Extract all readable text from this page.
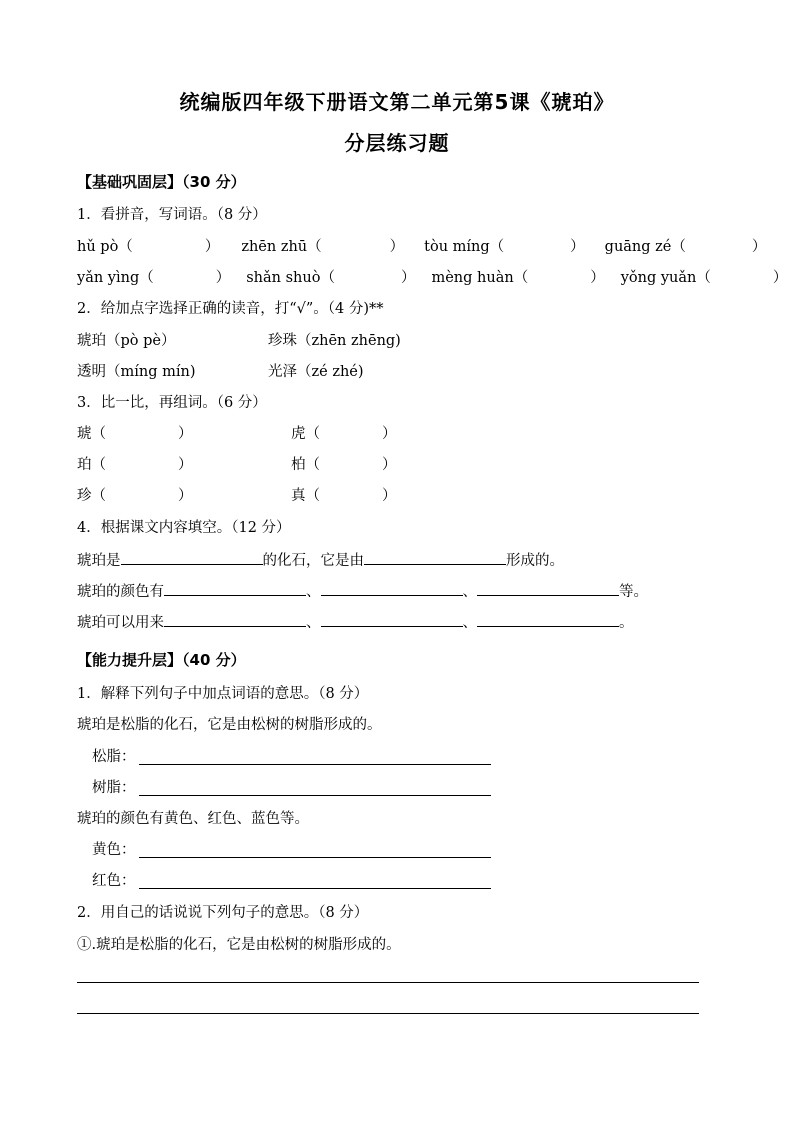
统编版四年级下册语文第二单元第5课《琥珀》
分层练习题
【基础巩固层】（30 分）
1．看拼音，写词语。（8 分）
hǔ pò（	） zhēn zhū（	） tòu míng（	） guāng zé（	）
yǎn yìng（	） shǎn shuò（	） mèng huàn（	） yǒng yuǎn（	）
2．给加点字选择正确的读音，打“√”。（4 分)**
琥珀（pò pè）	珍珠（zhēn zhēng)
透明（míng mín)	光泽（zé zhé)
3．比一比，再组词。（6 分）
琥（	）	虎（	）
珀（	）	柏（	）
珍（	）	真（	）
4．根据课文内容填空。（12 分）
琥珀是	的化石，它是由	形成的。
琥珀的颜色有	、	、	等。
琥珀可以用来	、	、	。
【能力提升层】（40 分）
1．解释下列句子中加点词语的意思。（8 分）
琥珀是松脂的化石，它是由松树的树脂形成的。
松脂：
树脂：
琥珀的颜色有黄色、红色、蓝色等。
黄色：
红色：
2．用自己的话说说下列句子的意思。（8 分）
①.琥珀是松脂的化石，它是由松树的树脂形成的。
